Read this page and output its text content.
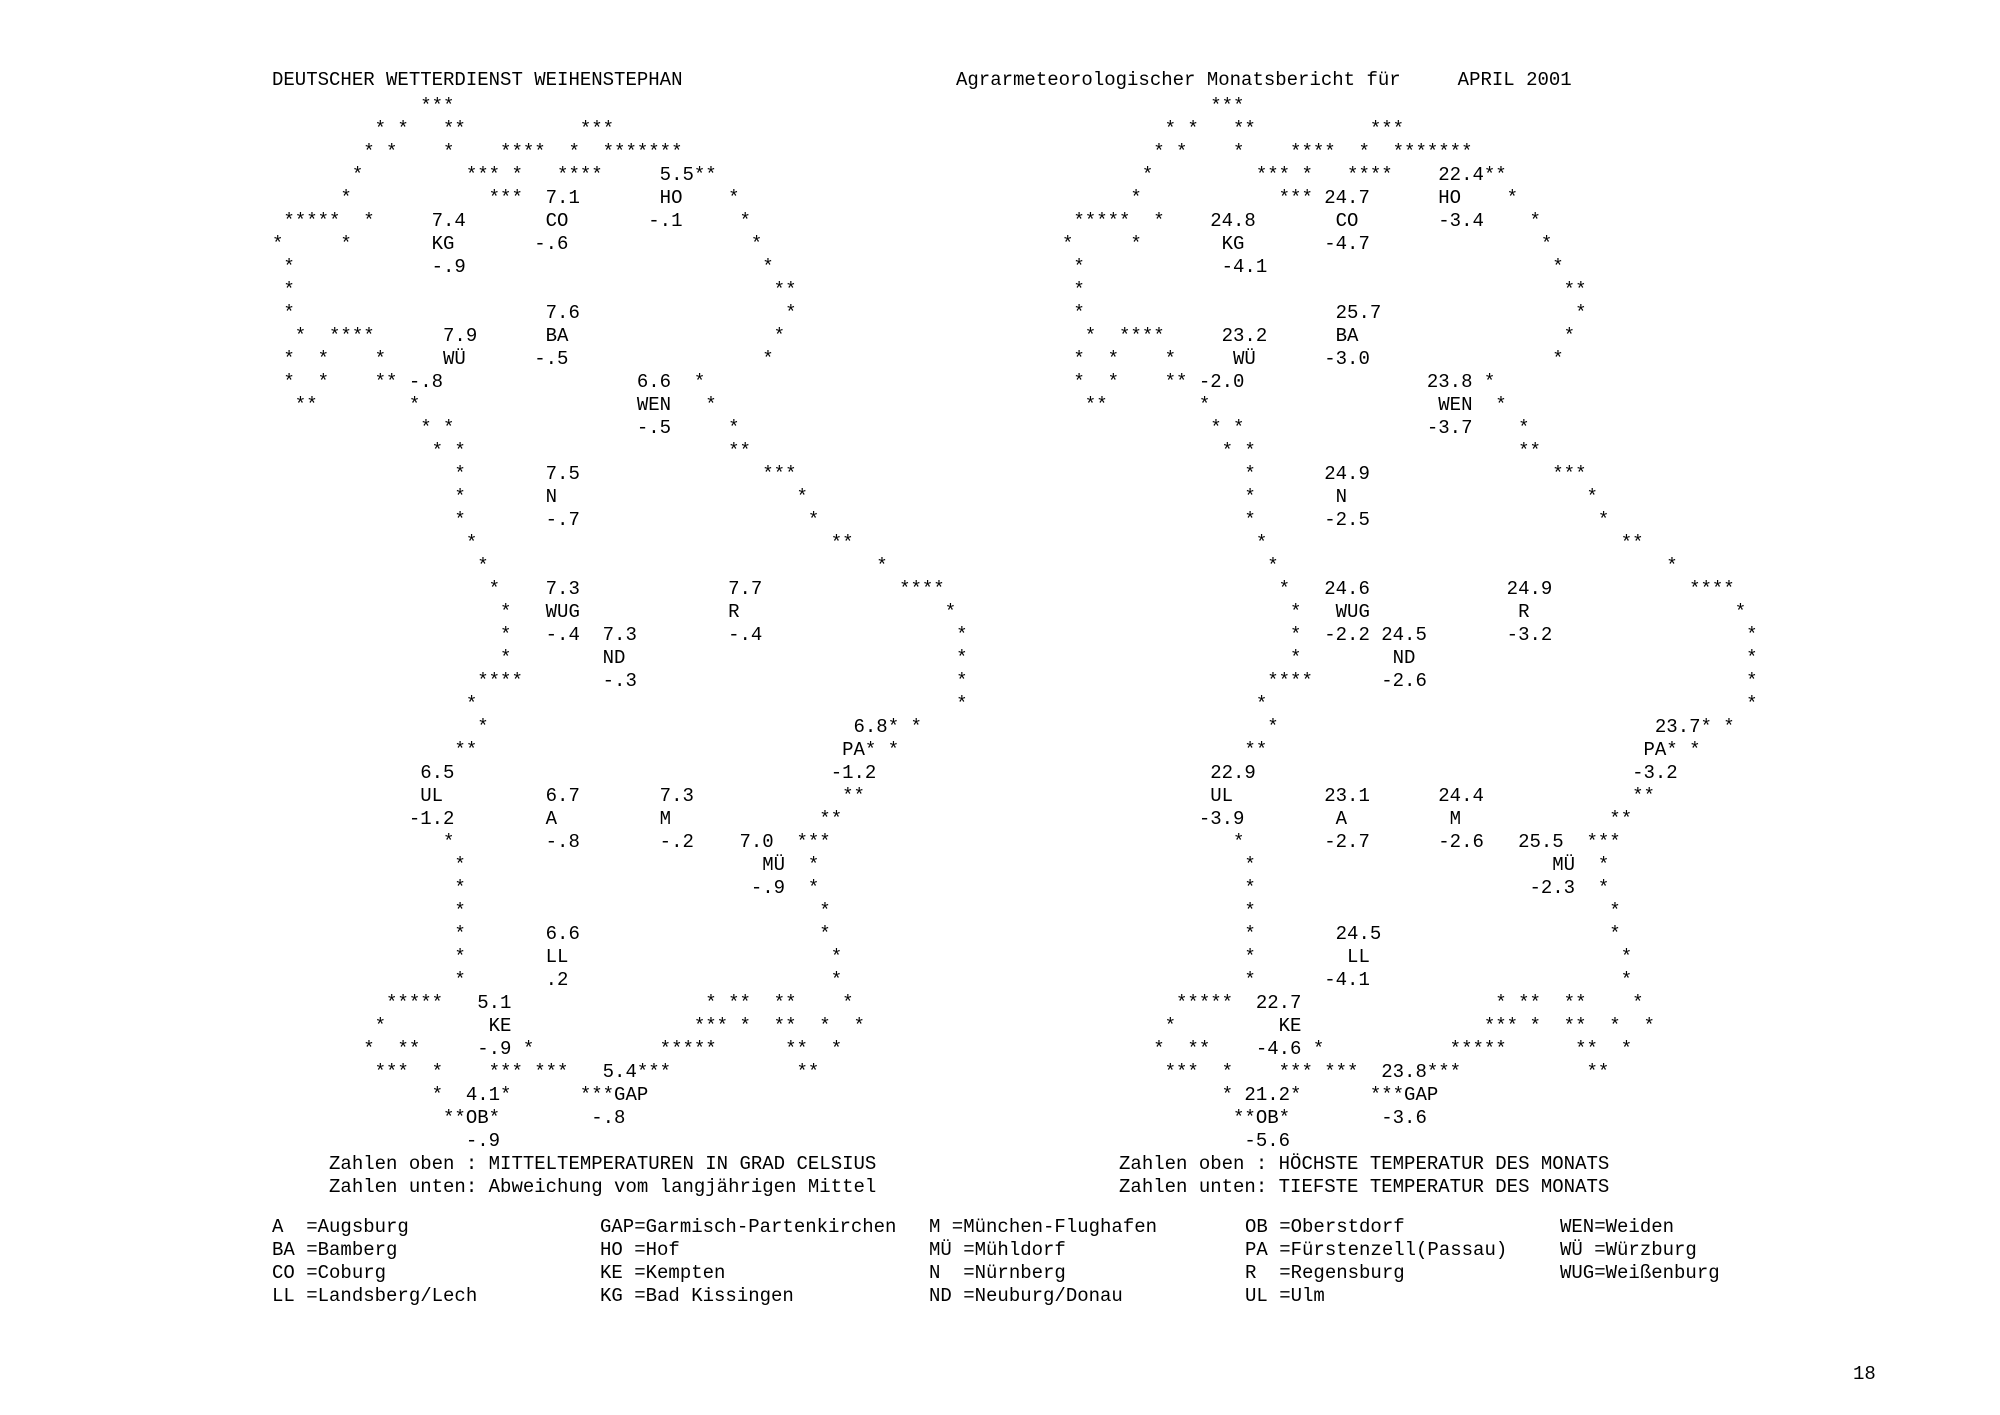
DEUTSCHER WETTERDIENST WEIHENSTEPHAN	Agrarmeteorologischer Monatsbericht für     APRIL 2001
***
* *   **          ***
* *    *    ****  *  *******
*         *** *   ****     5.5**
*            ***  7.1       HO    *
*****  *     7.4       CO       -.1     *
*     *       KG       -.6                *
*            -.9                          *
*                                          **
*                      7.6                  *
*  ****      7.9      BA                  *
*  *    *     WÜ      -.5                 *
*  *    ** -.8                 6.6  *
**        *                   WEN   *
* *                -.5     *
* *                       **
*       7.5                ***
*       N                     *
*       -.7                    *
*                               **
*                                  *
*    7.3             7.7            ****
*   WUG             R                  *
*   -.4  7.3        -.4                 *
*        ND                             *
****       -.3                            *
*                                          *
*                                6.8* *
**                                PA* *
6.5                                 -1.2
UL         6.7       7.3             **
-1.2        A         M             **
*        -.8       -.2    7.0  ***
*                          MÜ  *
*                         -.9  *
*                               *
*       6.6                     *
*       LL                       *
*       .2                       *
*****   5.1                 * **  **    *
*         KE                *** *  **  *  *
*  **     -.9 *           *****      **  *
***  *    *** ***   5.4***           **
*  4.1*      ***GAP
**OB*        -.8
-.9
Zahlen oben : MITTELTEMPERATUREN IN GRAD CELSIUS
Zahlen unten: Abweichung vom langjährigen Mittel
***
* *   **          ***
* *    *    ****  *  *******
*         *** *   ****    22.4**
*            *** 24.7      HO    *
*****  *    24.8       CO       -3.4    *
*     *       KG       -4.7               *
*            -4.1                         *
*                                          **
*                      25.7                 *
*  ****     23.2      BA                  *
*  *    *     WÜ      -3.0                *
*  *    ** -2.0                23.8 *
**        *                    WEN  *
* *                -3.7    *
* *                       **
*      24.9                ***
*       N                     *
*      -2.5                    *
*                               **
*                                  *
*   24.6            24.9            ****
*   WUG             R                  *
*  -2.2 24.5       -3.2                 *
*        ND                             *
****      -2.6                            *
*                                          *
*                                 23.7* *
**                                 PA* *
22.9                                 -3.2
UL        23.1      24.4             **
-3.9        A         M             **
*       -2.7      -2.6   25.5  ***
*                          MÜ  *
*                        -2.3  *
*                               *
*       24.5                    *
*        LL                      *
*      -4.1                      *
*****  22.7                 * **  **    *
*         KE                *** *  **  *  *
*  **    -4.6 *           *****      **  *
***  *    *** ***  23.8***           **
* 21.2*      ***GAP
**OB*        -3.6
-5.6
Zahlen oben : HÖCHSTE TEMPERATUR DES MONATS
Zahlen unten: TIEFSTE TEMPERATUR DES MONATS
A  =Augsburg
BA =Bamberg
CO =Coburg
LL =Landsberg/Lech
GAP=Garmisch-Partenkirchen
HO =Hof
KE =Kempten
KG =Bad Kissingen
M =München-Flughafen
MÜ =Mühldorf
N  =Nürnberg
ND =Neuburg/Donau
OB =Oberstdorf
PA =Fürstenzell(Passau)
R  =Regensburg
UL =Ulm
WEN=Weiden
WÜ =Würzburg
WUG=Weißenburg
18
